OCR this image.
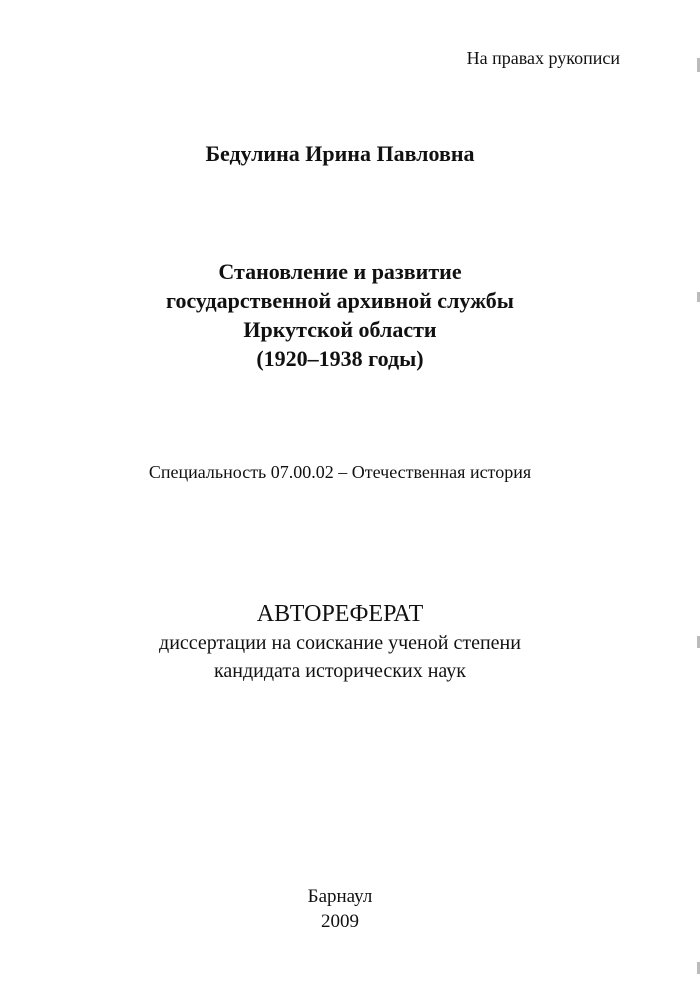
На правах рукописи
Бедулина Ирина Павловна
Становление и развитие
государственной архивной службы
Иркутской области
(1920–1938 годы)
Специальность 07.00.02 – Отечественная история
АВТОРЕФЕРАТ
диссертации на соискание ученой степени
кандидата исторических наук
Барнаул
2009
